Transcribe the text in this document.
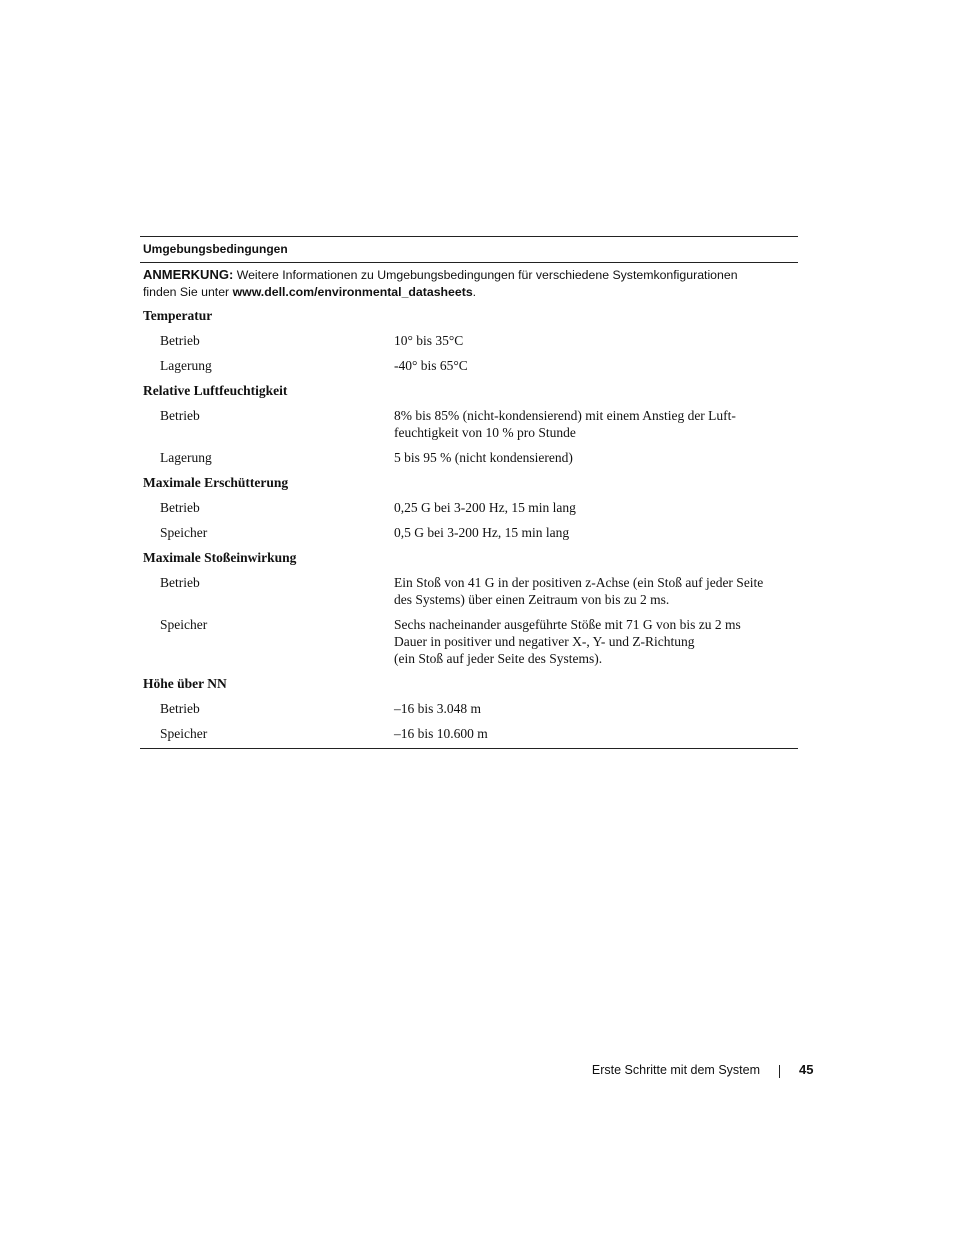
Umgebungsbedingungen
ANMERKUNG: Weitere Informationen zu Umgebungsbedingungen für verschiedene Systemkonfigurationen
finden Sie unter www.dell.com/environmental_datasheets.
Temperatur
Betrieb	10° bis 35°C
Lagerung	-40° bis 65°C
Relative Luftfeuchtigkeit
Betrieb	8% bis 85% (nicht-kondensierend) mit einem Anstieg der Luft-
feuchtigkeit von 10 % pro Stunde
Lagerung	5 bis 95 % (nicht kondensierend)
Maximale Erschütterung
Betrieb	0,25 G bei 3-200 Hz, 15 min lang
Speicher	0,5 G bei 3-200 Hz, 15 min lang
Maximale Stoßeinwirkung
Betrieb	Ein Stoß von 41 G in der positiven z-Achse (ein Stoß auf jeder Seite
des Systems) über einen Zeitraum von bis zu 2 ms.
Speicher	Sechs nacheinander ausgeführte Stöße mit 71 G von bis zu 2 ms
Dauer in positiver und negativer X-, Y- und Z-Richtung
(ein Stoß auf jeder Seite des Systems).
Höhe über NN
Betrieb	–16 bis 3.048 m
Speicher	–16 bis 10.600 m
Erste Schritte mit dem System	45
